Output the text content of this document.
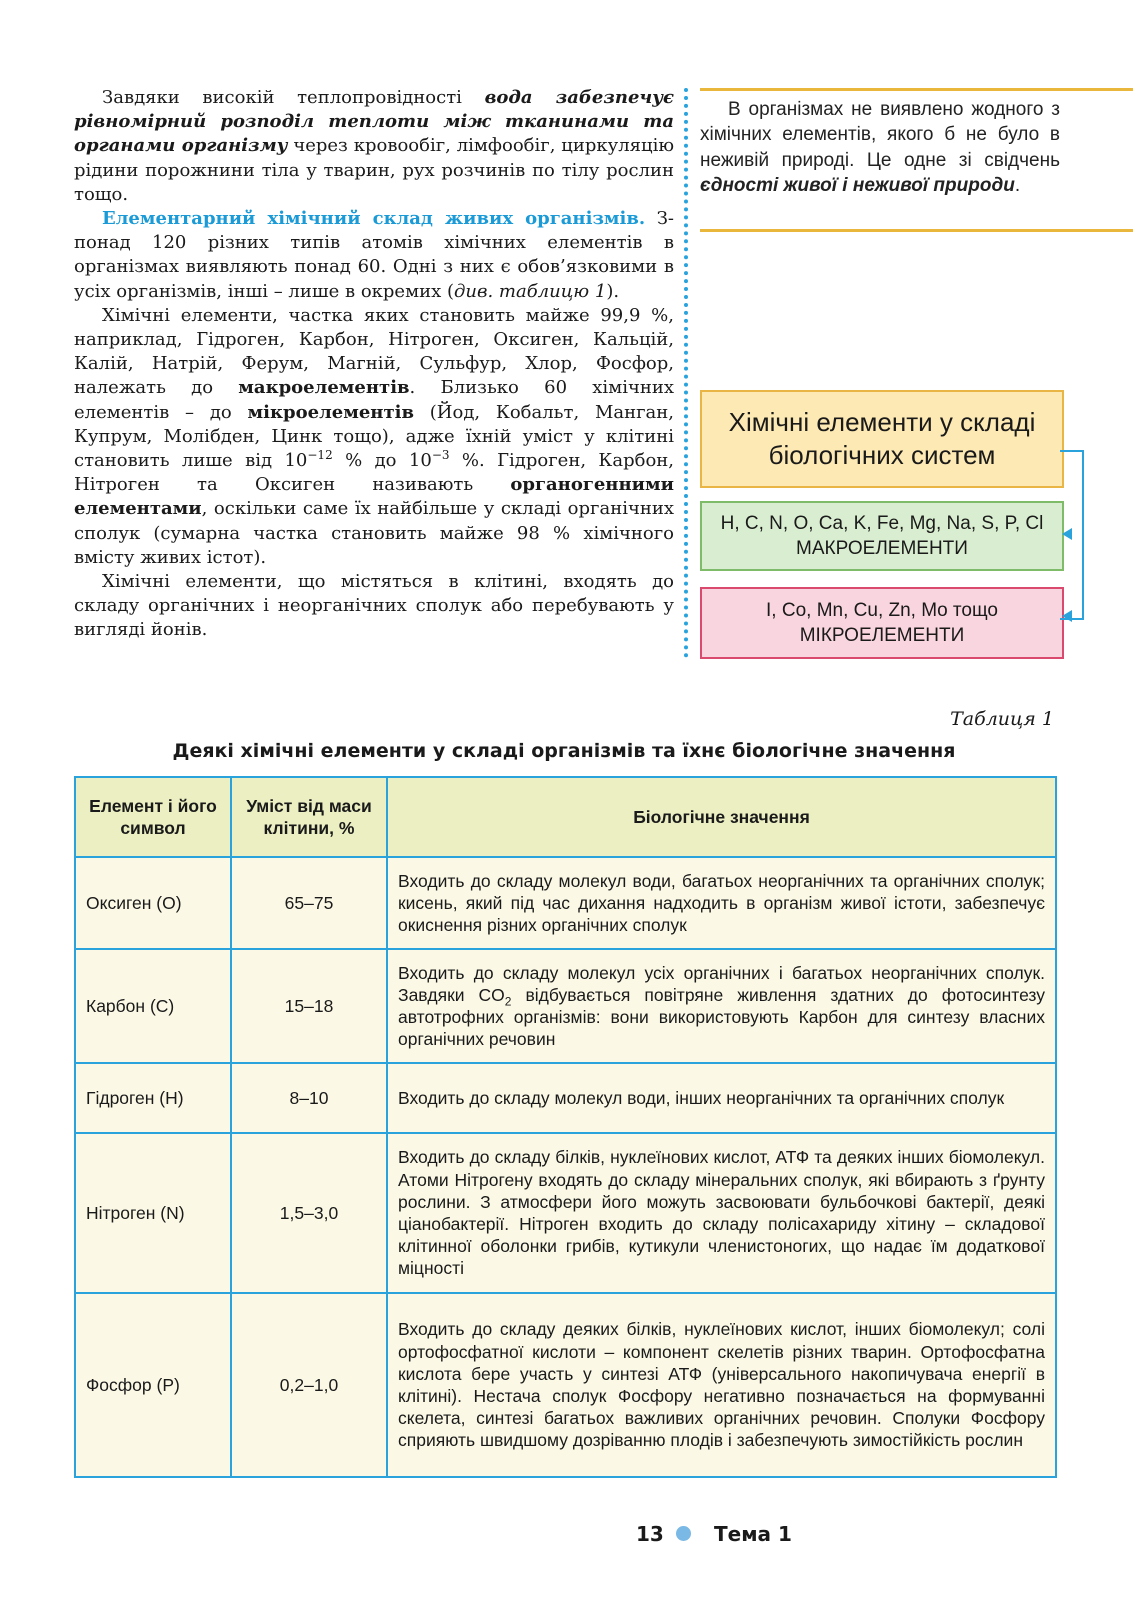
Завдяки високій теплопровідності вода забезпечує рівномірний розподіл теплоти між тканинами та органами організму через кровообіг, лімфообіг, циркуляцію рідини порожнини тіла у тварин, рух розчинів по тілу рослин тощо.

Елементарний хімічний склад живих організмів. З-понад 120 різних типів атомів хімічних елементів в організмах виявляють понад 60. Одні з них є обов’язковими в усіх організмів, інші – лише в окремих (див. таблицю 1).

Хімічні елементи, частка яких становить майже 99,9 %, наприклад, Гідроген, Карбон, Нітроген, Оксиген, Кальцій, Калій, Натрій, Ферум, Магній, Сульфур, Хлор, Фосфор, належать до макроелементів. Близько 60 хімічних елементів – до мікроелементів (Йод, Кобальт, Манган, Купрум, Молібден, Цинк тощо), адже їхній уміст у клітині становить лише від $10^{-12}$ % до $10^{-3}$ %. Гідроген, Карбон, Нітроген та Оксиген називають органогенними елементами, оскільки саме їх найбільше у складі органічних сполук (сумарна частка становить майже 98 % хімічного вмісту живих істот).

Хімічні елементи, що містяться в клітині, входять до складу органічних і неорганічних сполук або перебувають у вигляді йонів.

В організмах не виявлено жодного з хімічних елементів, якого б не було в неживій природі. Це одне зі свідчень єдності живої і неживої природи.
Хімічні елементи у складі біологічних систем
H, C, N, O, Ca, K, Fe, Mg, Na, S, P, Cl
МАКРОЕЛЕМЕНТИ
I, Co, Mn, Cu, Zn, Mo тощо
МІКРОЕЛЕМЕНТИ
Таблиця 1
Деякі хімічні елементи у складі організмів та їхнє біологічне значення
Елемент і його символ	Уміст від маси клітини, %	Біологічне значення
Оксиген (O)	65–75	Входить до складу молекул води, багатьох неорганічних та органічних сполук; кисень, який під час дихання надходить в організм живої істоти, забезпечує окиснення різних органічних сполук
Карбон (C)	15–18	Входить до складу молекул усіх органічних і багатьох неорганічних сполук. Завдяки $CO_2$ відбувається повітряне живлення здатних до фотосинтезу автотрофних організмів: вони використовують Карбон для синтезу власних органічних речовин
Гідроген (H)	8–10	Входить до складу молекул води, інших неорганічних та органічних сполук
Нітроген (N)	1,5–3,0	Входить до складу білків, нуклеїнових кислот, АТФ та деяких інших біомолекул. Атоми Нітрогену входять до складу мінеральних сполук, які вбирають з ґрунту рослини. З атмосфери його можуть засвоювати бульбочкові бактерії, деякі ціанобактерії. Нітроген входить до складу полісахариду хітину – складової клітинної оболонки грибів, кутикули членистоногих, що надає їм додаткової міцності
Фосфор (P)	0,2–1,0	Входить до складу деяких білків, нуклеїнових кислот, інших біомолекул; солі ортофосфатної кислоти – компонент скелетів різних тварин. Ортофосфатна кислота бере участь у синтезі АТФ (універсального накопичувача енергії в клітині). Нестача сполук Фосфору негативно позначається на формуванні скелета, синтезі багатьох важливих органічних речовин. Сполуки Фосфору сприяють швидшому дозріванню плодів і забезпечують зимостійкість рослин
13	Тема 1
